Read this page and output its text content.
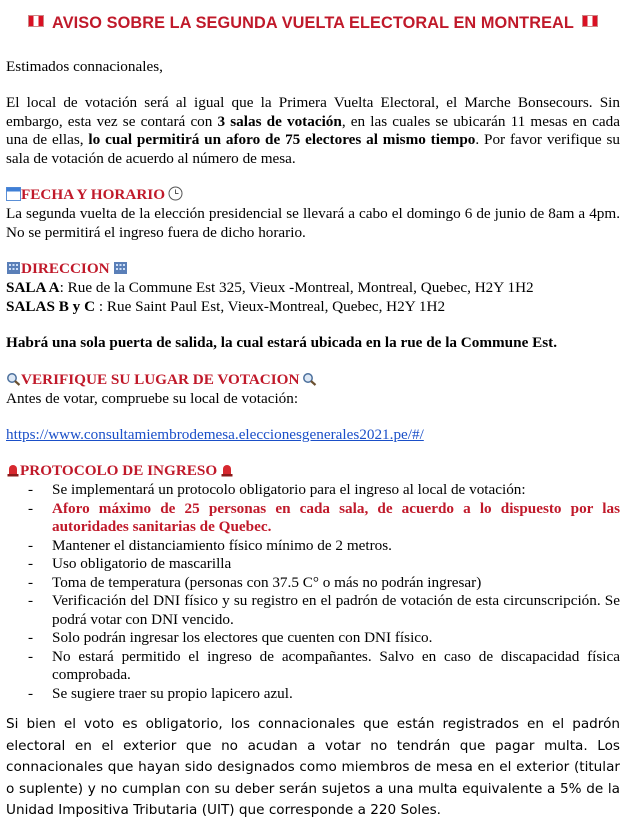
AVISO SOBRE LA SEGUNDA VUELTA ELECTORAL EN MONTREAL
Estimados connacionales,
El local de votación será al igual que la Primera Vuelta Electoral, el Marche Bonsecours. Sin embargo, esta vez se contará con 3 salas de votación, en las cuales se ubicarán 11 mesas en cada una de ellas, lo cual permitirá un aforo de 75 electores al mismo tiempo. Por favor verifique su sala de votación de acuerdo al número de mesa.
FECHA Y HORARIO
La segunda vuelta de la elección presidencial se llevará a cabo el domingo 6 de junio de 8am a 4pm. No se permitirá el ingreso fuera de dicho horario.
DIRECCION
SALA A: Rue de la Commune Est 325, Vieux -Montreal, Montreal, Quebec, H2Y 1H2
SALAS B y C : Rue Saint Paul Est, Vieux-Montreal, Quebec, H2Y 1H2
Habrá una sola puerta de salida, la cual estará ubicada en la rue de la Commune Est.
VERIFIQUE SU LUGAR DE VOTACION
Antes de votar, compruebe su local de votación:
https://www.consultamiembrodemesa.eleccionesgenerales2021.pe/#/
PROTOCOLO DE INGRESO
- Se implementará un protocolo obligatorio para el ingreso al local de votación:
- Aforo máximo de 25 personas en cada sala, de acuerdo a lo dispuesto por las autoridades sanitarias de Quebec.
- Mantener el distanciamiento físico mínimo de 2 metros.
- Uso obligatorio de mascarilla
- Toma de temperatura (personas con 37.5 C° o más no podrán ingresar)
- Verificación del DNI físico y su registro en el padrón de votación de esta circunscripción. Se podrá votar con DNI vencido.
- Solo podrán ingresar los electores que cuenten con DNI físico.
- No estará permitido el ingreso de acompañantes. Salvo en caso de discapacidad física comprobada.
- Se sugiere traer su propio lapicero azul.
Si bien el voto es obligatorio, los connacionales que están registrados en el padrón electoral en el exterior que no acudan a votar no tendrán que pagar multa. Los connacionales que hayan sido designados como miembros de mesa en el exterior (titular o suplente) y no cumplan con su deber serán sujetos a una multa equivalente a 5% de la Unidad Impositiva Tributaria (UIT) que corresponde a 220 Soles.
